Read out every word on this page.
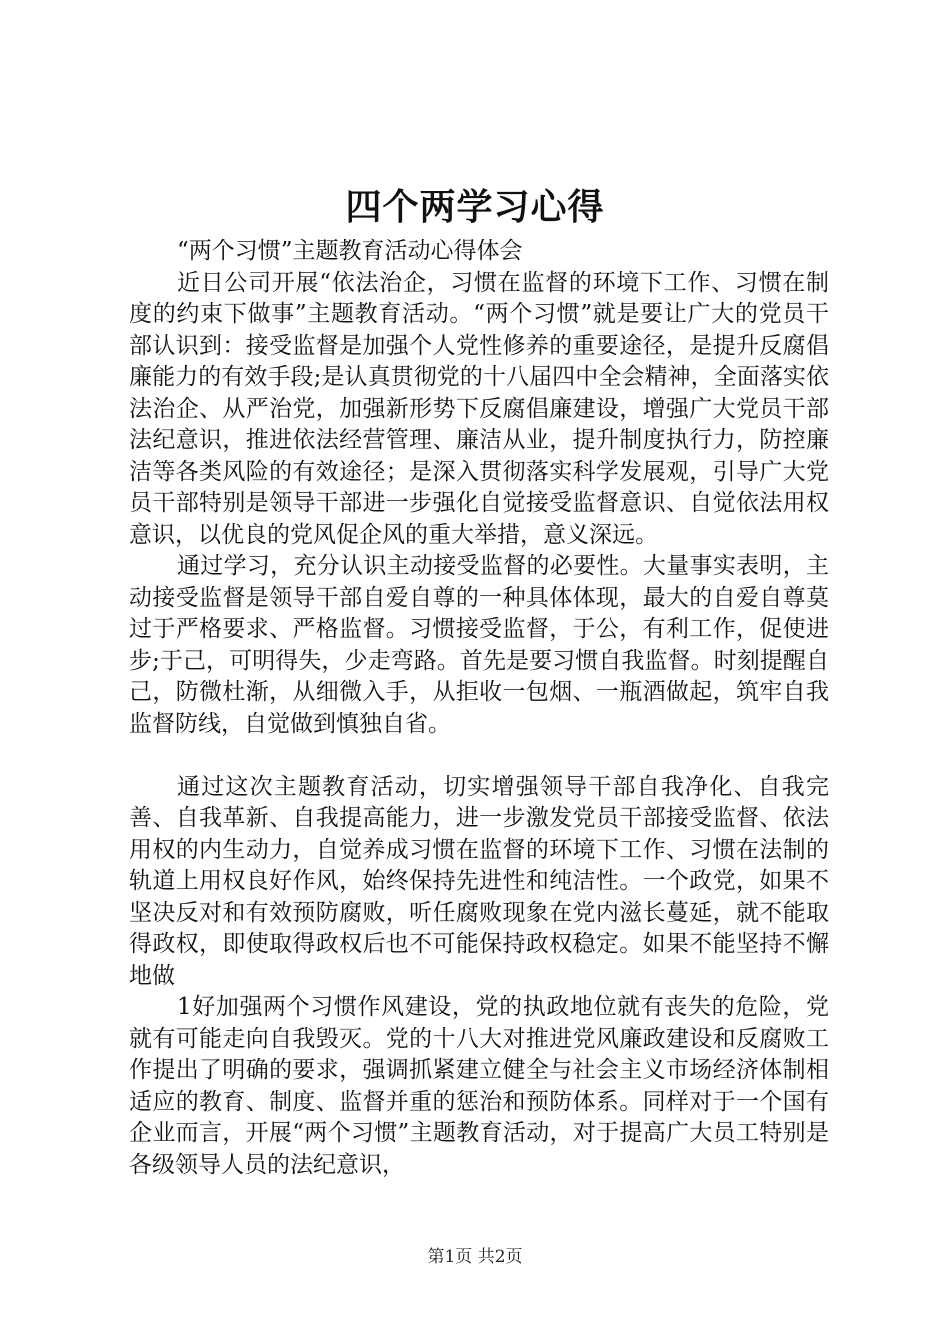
四个两学习心得

“两个习惯”主题教育活动心得体会

近日公司开展“依法治企，习惯在监督的环境下工作、习惯在制度的约束下做事”主题教育活动。“两个习惯”就是要让广大的党员干部认识到：接受监督是加强个人党性修养的重要途径，是提升反腐倡廉能力的有效手段;是认真贯彻党的十八届四中全会精神，全面落实依法治企、从严治党，加强新形势下反腐倡廉建设，增强广大党员干部法纪意识，推进依法经营管理、廉洁从业，提升制度执行力，防控廉洁等各类风险的有效途径；是深入贯彻落实科学发展观，引导广大党员干部特别是领导干部进一步强化自觉接受监督意识、自觉依法用权意识，以优良的党风促企风的重大举措，意义深远。

通过学习，充分认识主动接受监督的必要性。大量事实表明，主动接受监督是领导干部自爱自尊的一种具体体现，最大的自爱自尊莫过于严格要求、严格监督。习惯接受监督，于公，有利工作，促使进步;于己，可明得失，少走弯路。首先是要习惯自我监督。时刻提醒自己，防微杜渐，从细微入手，从拒收一包烟、一瓶酒做起，筑牢自我监督防线，自觉做到慎独自省。

通过这次主题教育活动，切实增强领导干部自我净化、自我完善、自我革新、自我提高能力，进一步激发党员干部接受监督、依法用权的内生动力，自觉养成习惯在监督的环境下工作、习惯在法制的轨道上用权良好作风，始终保持先进性和纯洁性。一个政党，如果不坚决反对和有效预防腐败，听任腐败现象在党内滋长蔓延，就不能取得政权，即使取得政权后也不可能保持政权稳定。如果不能坚持不懈地做

1好加强两个习惯作风建设，党的执政地位就有丧失的危险，党就有可能走向自我毁灭。党的十八大对推进党风廉政建设和反腐败工作提出了明确的要求，强调抓紧建立健全与社会主义市场经济体制相适应的教育、制度、监督并重的惩治和预防体系。同样对于一个国有企业而言，开展“两个习惯”主题教育活动，对于提高广大员工特别是各级领导人员的法纪意识，

第1页 共2页
